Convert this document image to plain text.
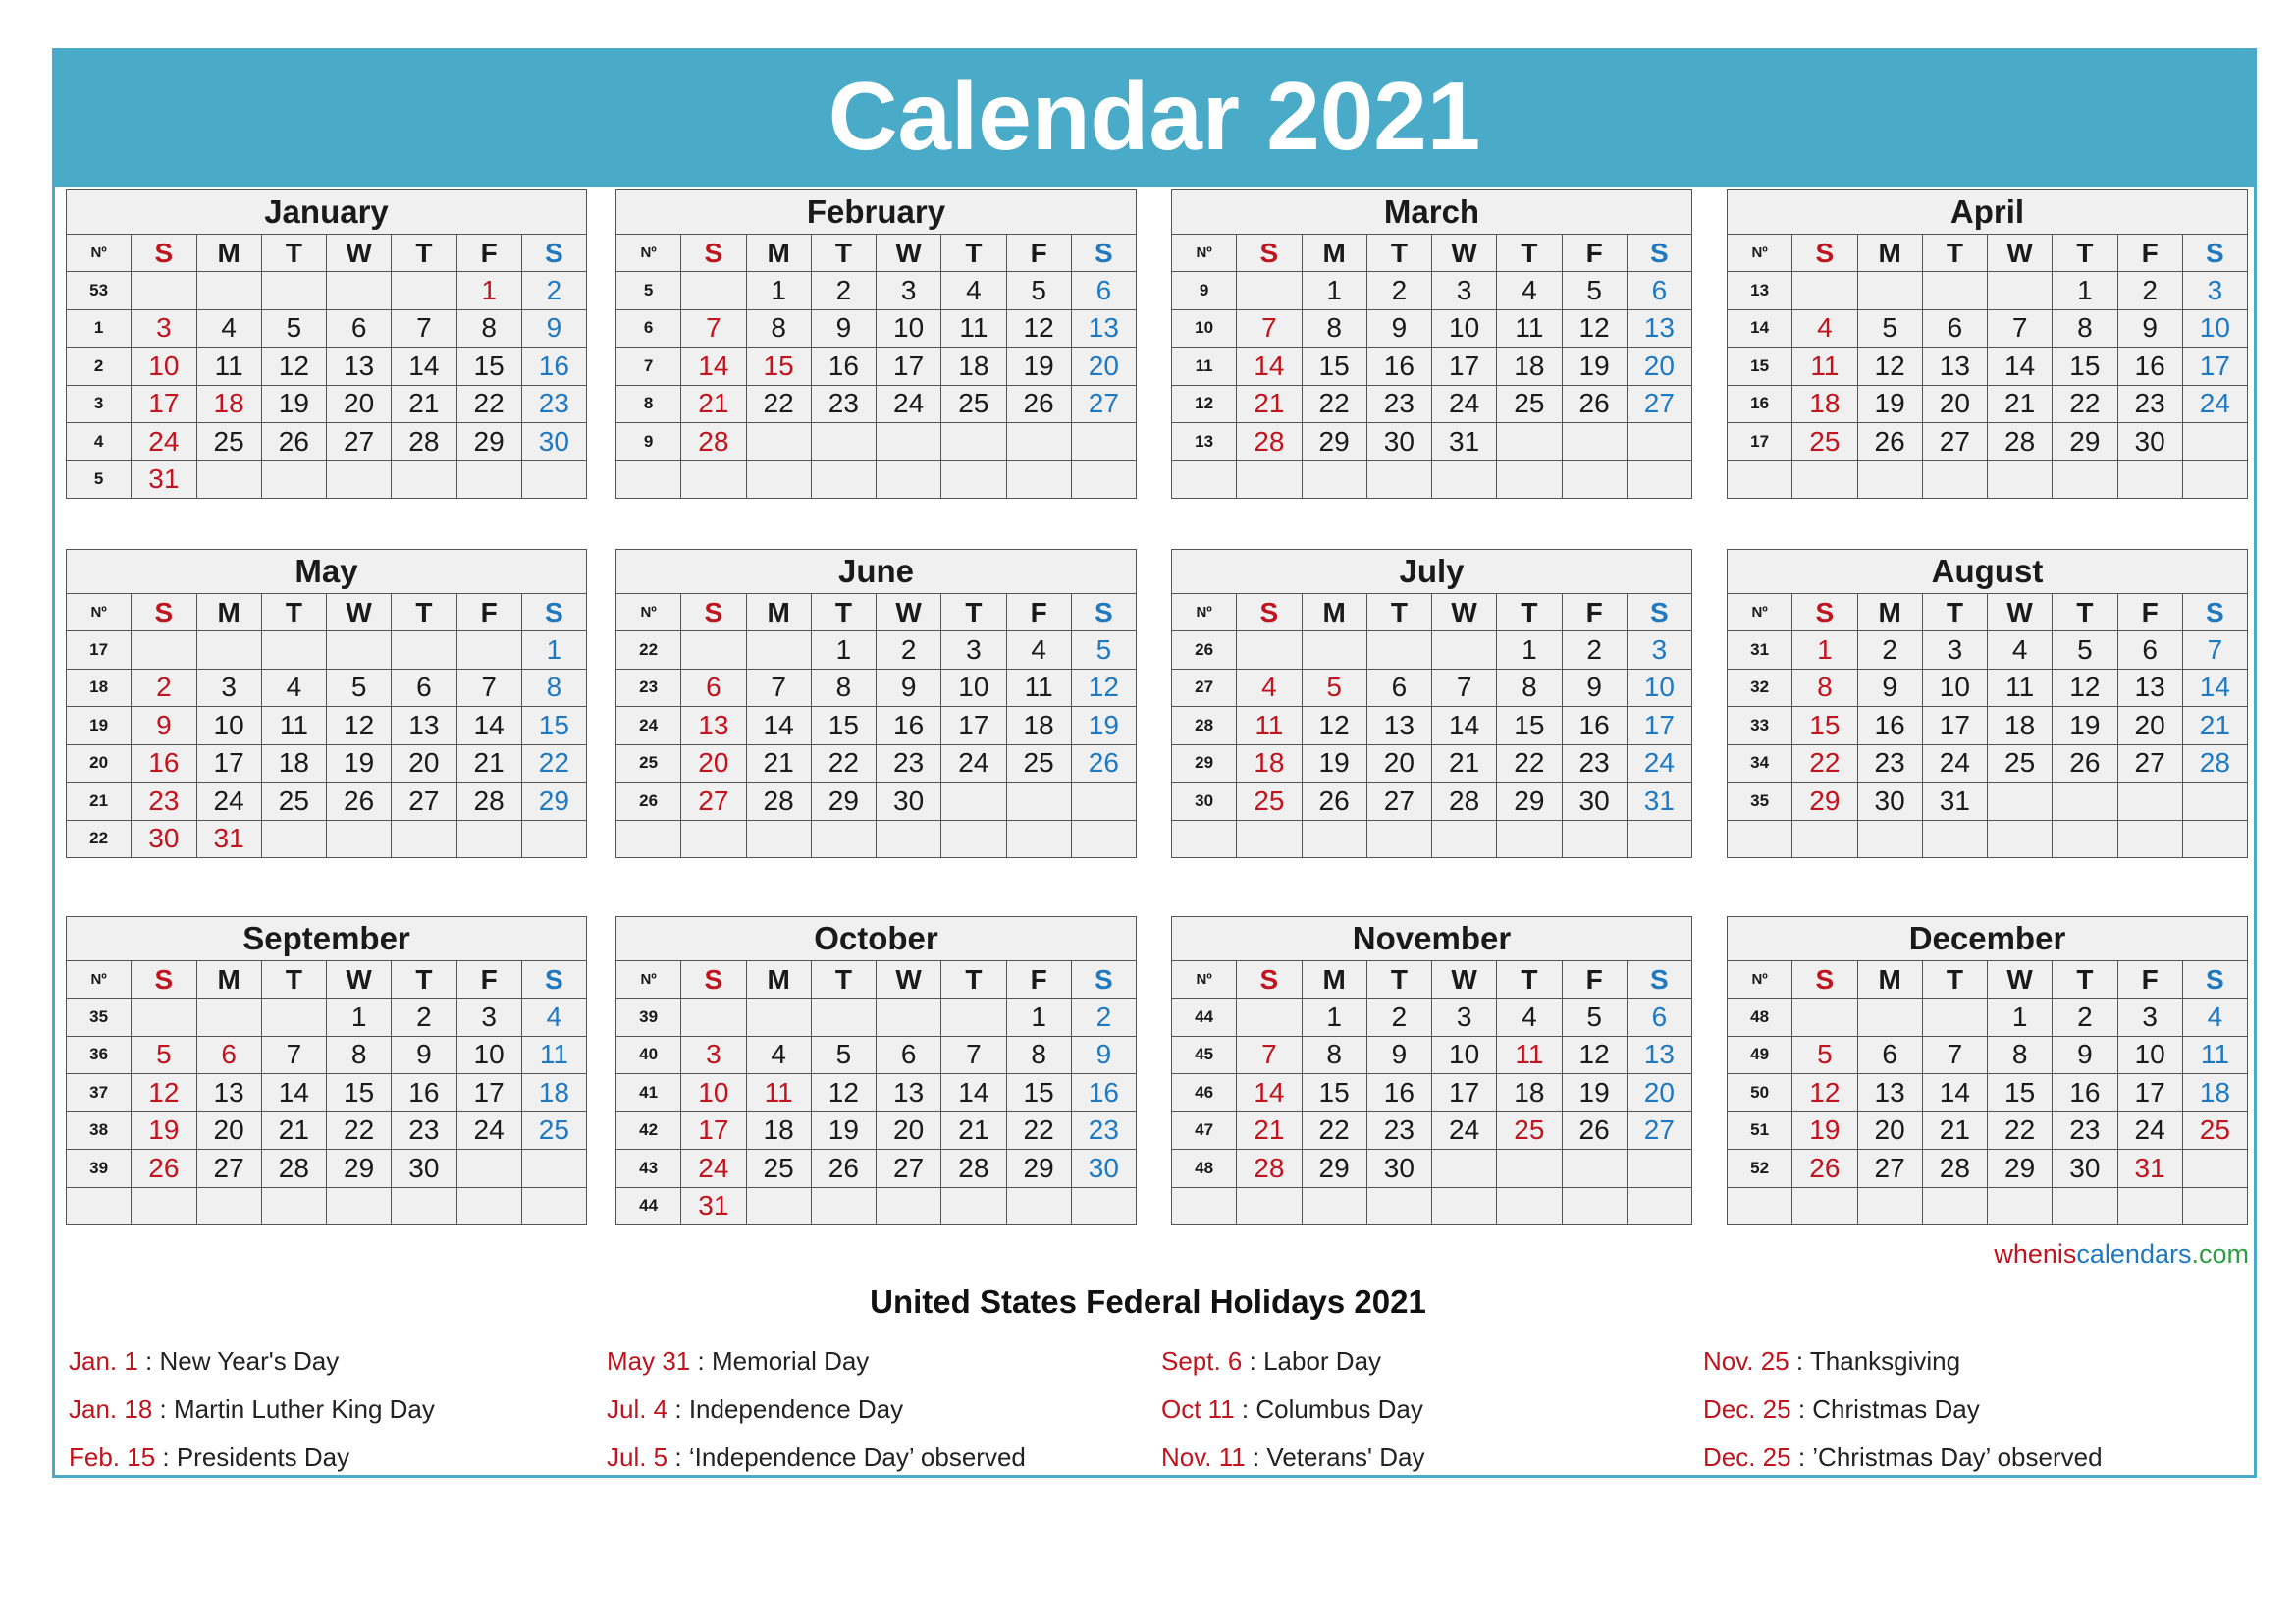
Calendar 2021
January							
Nº	S	M	T	W	T	F	S
53						1	2
1	3	4	5	6	7	8	9
2	10	11	12	13	14	15	16
3	17	18	19	20	21	22	23
4	24	25	26	27	28	29	30
5	31						
February							
Nº	S	M	T	W	T	F	S
5		1	2	3	4	5	6
6	7	8	9	10	11	12	13
7	14	15	16	17	18	19	20
8	21	22	23	24	25	26	27
9	28						

March							
Nº	S	M	T	W	T	F	S
9		1	2	3	4	5	6
10	7	8	9	10	11	12	13
11	14	15	16	17	18	19	20
12	21	22	23	24	25	26	27
13	28	29	30	31			

April							
Nº	S	M	T	W	T	F	S
13					1	2	3
14	4	5	6	7	8	9	10
15	11	12	13	14	15	16	17
16	18	19	20	21	22	23	24
17	25	26	27	28	29	30	

May							
Nº	S	M	T	W	T	F	S
17							1
18	2	3	4	5	6	7	8
19	9	10	11	12	13	14	15
20	16	17	18	19	20	21	22
21	23	24	25	26	27	28	29
22	30	31					
June							
Nº	S	M	T	W	T	F	S
22			1	2	3	4	5
23	6	7	8	9	10	11	12
24	13	14	15	16	17	18	19
25	20	21	22	23	24	25	26
26	27	28	29	30			

July							
Nº	S	M	T	W	T	F	S
26					1	2	3
27	4	5	6	7	8	9	10
28	11	12	13	14	15	16	17
29	18	19	20	21	22	23	24
30	25	26	27	28	29	30	31

August							
Nº	S	M	T	W	T	F	S
31	1	2	3	4	5	6	7
32	8	9	10	11	12	13	14
33	15	16	17	18	19	20	21
34	22	23	24	25	26	27	28
35	29	30	31				

September							
Nº	S	M	T	W	T	F	S
35				1	2	3	4
36	5	6	7	8	9	10	11
37	12	13	14	15	16	17	18
38	19	20	21	22	23	24	25
39	26	27	28	29	30		

October							
Nº	S	M	T	W	T	F	S
39						1	2
40	3	4	5	6	7	8	9
41	10	11	12	13	14	15	16
42	17	18	19	20	21	22	23
43	24	25	26	27	28	29	30
44	31						
November							
Nº	S	M	T	W	T	F	S
44		1	2	3	4	5	6
45	7	8	9	10	11	12	13
46	14	15	16	17	18	19	20
47	21	22	23	24	25	26	27
48	28	29	30				

December							
Nº	S	M	T	W	T	F	S
48				1	2	3	4
49	5	6	7	8	9	10	11
50	12	13	14	15	16	17	18
51	19	20	21	22	23	24	25
52	26	27	28	29	30	31	

wheniscalendars.com
United States Federal Holidays 2021
Jan. 1 : New Year's Day
Jan. 18 : Martin Luther King Day
Feb. 15 : Presidents Day
May 31 : Memorial Day
Jul. 4 : Independence Day
Jul. 5 : ‘Independence Day’ observed
Sept. 6 : Labor Day
Oct 11 : Columbus Day
Nov. 11 : Veterans' Day
Nov. 25 : Thanksgiving
Dec. 25 : Christmas Day
Dec. 25 : ’Christmas Day’ observed
